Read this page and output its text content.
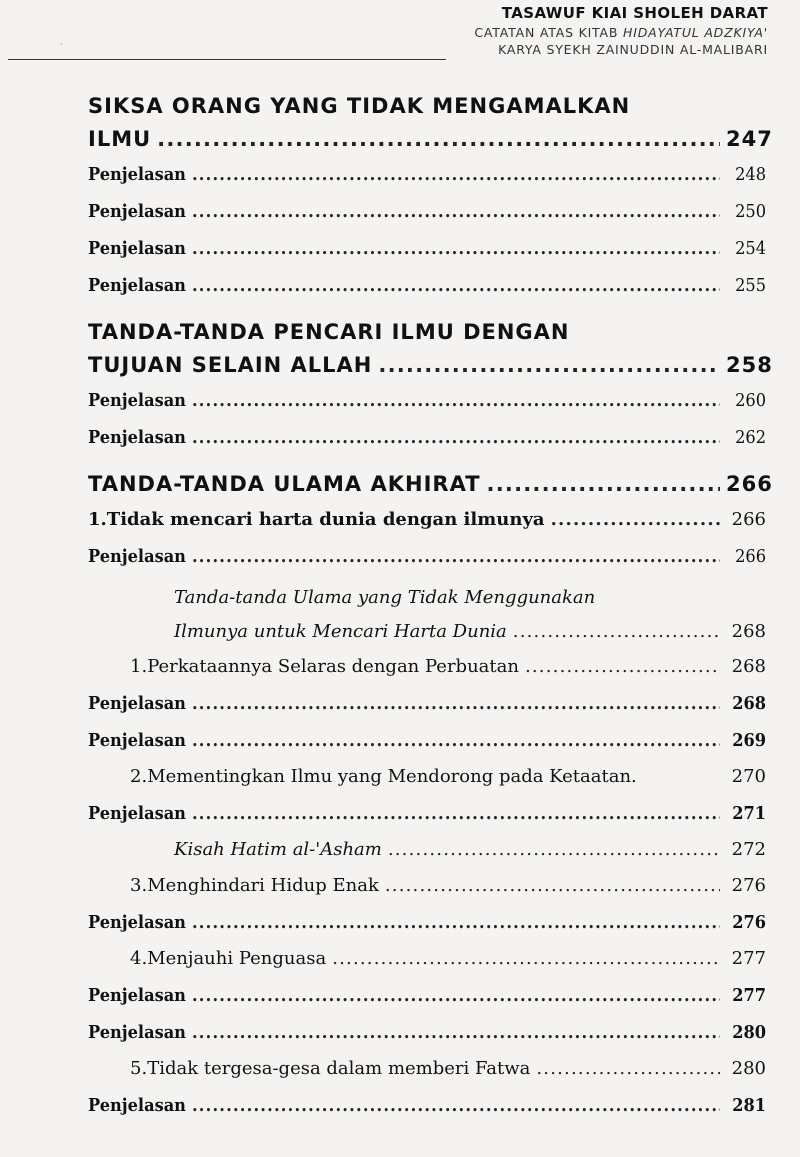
TASAWUF KIAI SHOLEH DARAT
CATATAN ATAS KITAB HIDAYATUL ADZKIYA'
KARYA SYEKH ZAINUDDIN AL-MALIBARI
·
SIKSA ORANG YANG TIDAK MENGAMALKAN
ILMU .....	247
Penjelasan .....	248
Penjelasan .....	250
Penjelasan .....	254
Penjelasan .....	255
TANDA-TANDA PENCARI ILMU DENGAN
TUJUAN SELAIN ALLAH .....	258
Penjelasan .....	260
Penjelasan .....	262
TANDA-TANDA ULAMA AKHIRAT .....	266
1. Tidak mencari harta dunia dengan ilmunya .....	266
Penjelasan .....	266
Tanda-tanda Ulama yang Tidak Menggunakan
Ilmunya untuk Mencari Harta Dunia .....	268
1. Perkataannya Selaras dengan Perbuatan .....	268
Penjelasan .....	268
Penjelasan .....	269
2. Mementingkan Ilmu yang Mendorong pada Ketaatan.	270
Penjelasan .....	271
Kisah Hatim al-'Asham .....	272
3. Menghindari Hidup Enak .....	276
Penjelasan .....	276
4. Menjauhi Penguasa .....	277
Penjelasan .....	277
Penjelasan .....	280
5. Tidak tergesa-gesa dalam memberi Fatwa .....	280
Penjelasan .....	281
